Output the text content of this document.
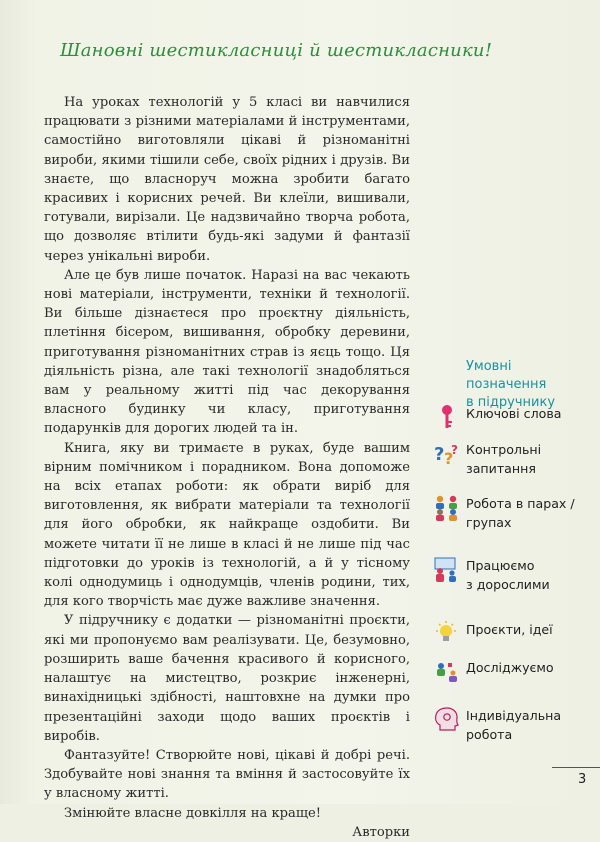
Шановні шестикласниці й шестикласники!

На уроках технологій у 5 класі ви навчилися працювати з різними матеріалами й інструментами, самостійно виготовляли цікаві й різноманітні вироби, якими тішили себе, своїх рідних і друзів. Ви знаєте, що власноруч можна зробити багато красивих і корисних речей. Ви клеїли, вишивали, готували, вирізали. Це надзвичайно творча робота, що дозволяє втілити будь-які задуми й фантазії через унікальні вироби.

Але це був лише початок. Наразі на вас чекають нові матеріали, інструменти, техніки й технології. Ви більше дізнаєтеся про проєктну діяльність, плетіння бісером, вишивання, обробку деревини, приготування різноманітних страв із яєць тощо. Ця діяльність різна, але такі технології знадобляться вам у реальному житті під час декорування власного будинку чи класу, приготування подарунків для дорогих людей та ін.

Книга, яку ви тримаєте в руках, буде вашим вірним помічником і порадником. Вона допоможе на всіх етапах роботи: як обрати виріб для виготовлення, як вибрати матеріали та технології для його обробки, як найкраще оздобити. Ви можете читати її не лише в класі й не лише під час підготовки до уроків із технологій, а й у тісному колі однодумиць і однодумців, членів родини, тих, для кого творчість має дуже важливе значення.

У підручнику є додатки — різноманітні проєкти, які ми пропонуємо вам реалізувати. Це, безумовно, розширить ваше бачення красивого й корисного, налаштує на мистецтво, розкриє інженерні, винахідницькі здібності, наштовхне на думки про презентаційні заходи щодо ваших проєктів і виробів.

Фантазуйте! Створюйте нові, цікаві й добрі речі. Здобувайте нові знання та вміння й застосовуйте їх у власному житті.

Змінюйте власне довкілля на краще!

Авторки

Умовні позначення
в підручнику
Ключові слова
? ?
? Контрольні
запитання
Робота в парах /
групах
Працюємо
з дорослими
Проєкти, ідеї
Досліджуємо
Індивідуальна
робота
3
